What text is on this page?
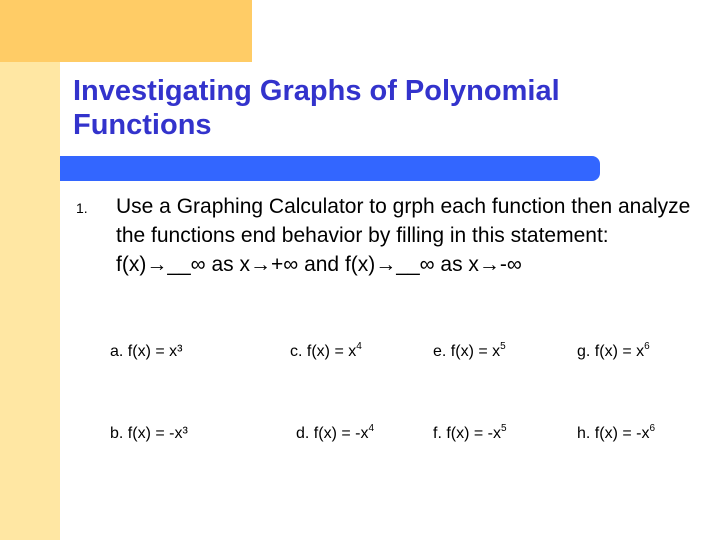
Investigating Graphs of Polynomial Functions
1. Use a Graphing Calculator to grph each function then analyze the functions end behavior by filling in this statement: f(x)→__∞ as x→+∞ and f(x)→__∞ as x→-∞

a. f(x) = x³
b. f(x) = -x³
c. $f(x) = x^4$
d. $f(x) = -x^4$
e. $f(x) = x^5$
f. $f(x) = -x^5$
g. $f(x) = x^6$
h. $f(x) = -x^6$
